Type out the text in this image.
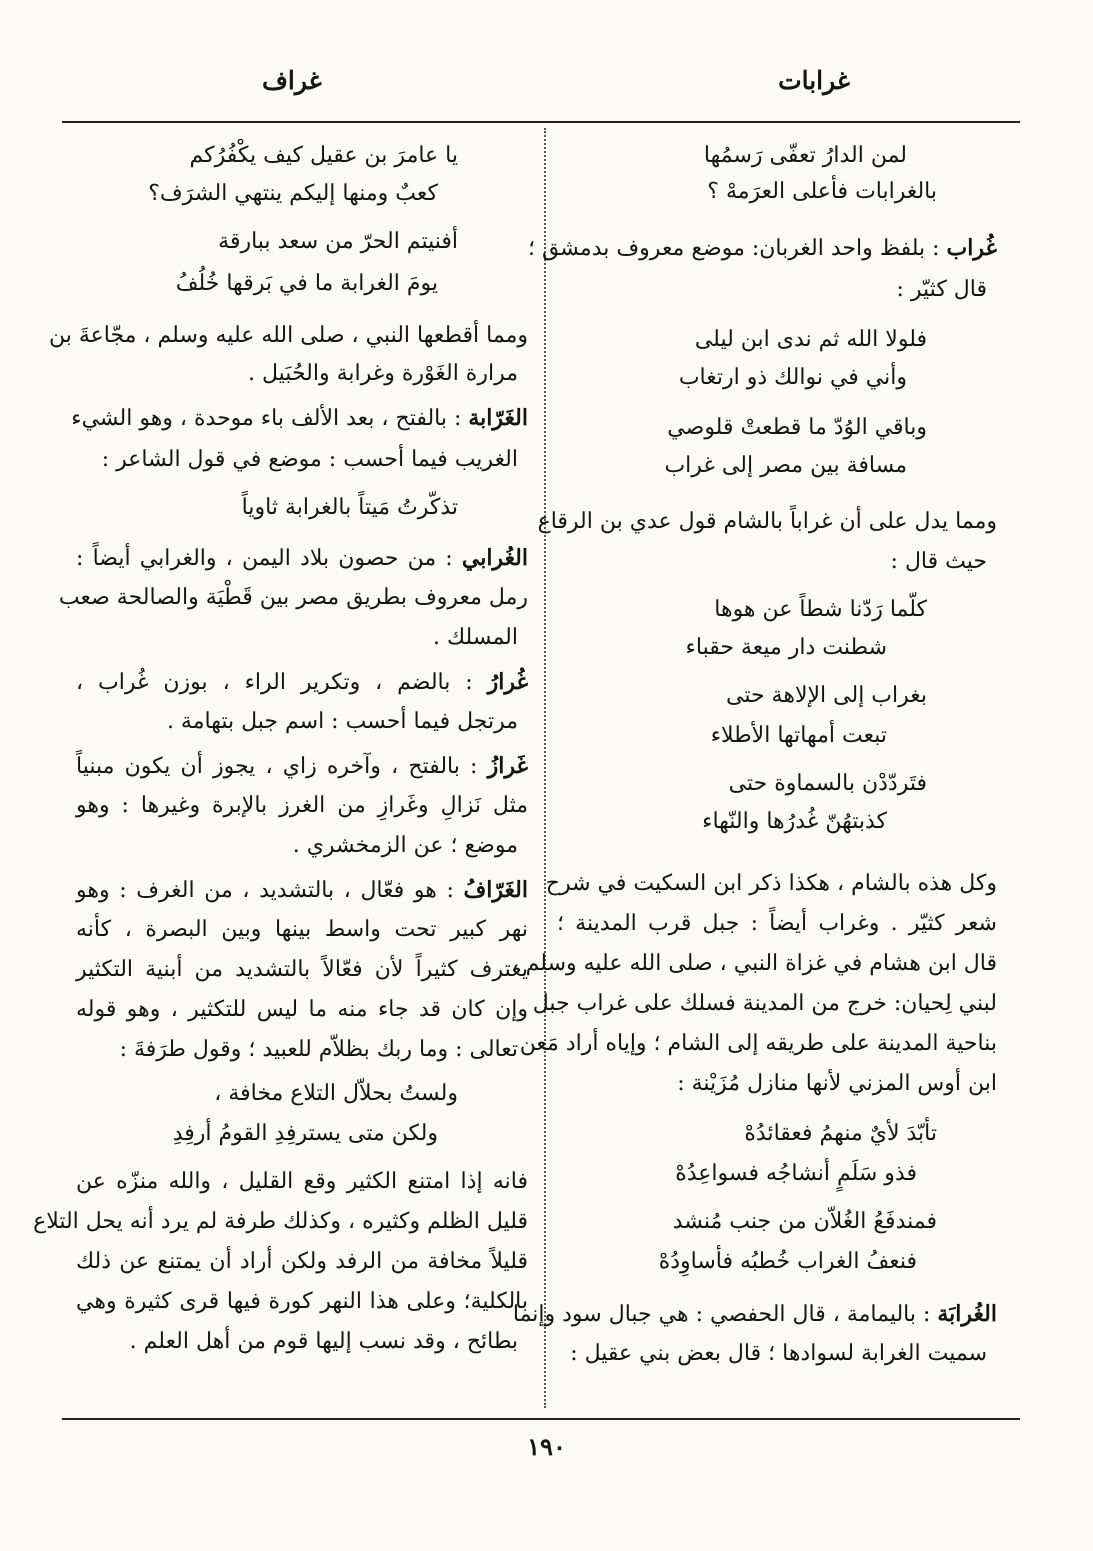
غرابات
غراف
لمن الدارُ تعفّى رَسمُها
بالغرابات فأعلى العرَمهْ ؟
غُراب : بلفظ واحد الغربان: موضع معروف بدمشق ؛
قال كثيّر :
فلولا الله ثم ندى ابن ليلى
وأني في نوالك ذو ارتغاب
وباقي الوُدّ ما قطعتْ قلوصي
مسافة بين مصر إلى غراب
ومما يدل على أن غراباً بالشام قول عدي بن الرقاع
حيث قال :
كلّما رَدّنا شطاً عن هوها
شطنت دار ميعة حقباء
بغراب إلى الإلاهة حتى
تبعت أمهاتها الأطلاء
فتَردّدْن بالسماوة حتى
كذبتهُنّ غُدرُها والنّهاء
وكل هذه بالشام ، هكذا ذكر ابن السكيت في شرح
شعر كثيّر . وغراب أيضاً : جبل قرب المدينة ؛
قال ابن هشام في غزاة النبي ، صلى الله عليه وسلم ،
لبني لِحيان: خرج من المدينة فسلك على غراب جبل
بناحية المدينة على طريقه إلى الشام ؛ وإياه أراد مَعن
ابن أوس المزني لأنها منازل مُزَيْنة :
تأبّدَ لأيٌ منهمُ فعقائدُهْ
فذو سَلَمٍ أنشاجُه فسواعِدُهْ
فمندفَعُ الغُلاّن من جنب مُنشد
فنعفُ الغراب خُطبُه فأساوِدُهْ
الغُرابَة : باليمامة ، قال الحفصي : هي جبال سود وإنما
سميت الغرابة لسوادها ؛ قال بعض بني عقيل :
يا عامرَ بن عقيل كيف يكْفُرُكم
كعبٌ ومنها إليكم ينتهي الشرَف؟
أفنيتم الحرّ من سعد ببارقة
يومَ الغرابة ما في بَرقها خُلُفُ
ومما أقطعها النبي ، صلى الله عليه وسلم ، مجّاعةَ بن
مرارة الغَوْرة وغرابة والحُبَيل .
الغَرّابة : بالفتح ، بعد الألف باء موحدة ، وهو الشيء
الغريب فيما أحسب : موضع في قول الشاعر :
تذكّرتُ مَيتاً بالغرابة ثاوياً
الغُرابي : من حصون بلاد اليمن ، والغرابي أيضاً :
رمل معروف بطريق مصر بين قَطْيَة والصالحة صعب
المسلك .
غُرارُ : بالضم ، وتكرير الراء ، بوزن غُراب ،
مرتجل فيما أحسب : اسم جبل بتهامة .
غَرازُ : بالفتح ، وآخره زاي ، يجوز أن يكون مبنياً
مثل نَزالِ وغَرازِ من الغرز بالإبرة وغيرها : وهو
موضع ؛ عن الزمخشري .
الغَرّافُ : هو فعّال ، بالتشديد ، من الغرف : وهو
نهر كبير تحت واسط بينها وبين البصرة ، كأنه
يغترف كثيراً لأن فعّالاً بالتشديد من أبنية التكثير
وإن كان قد جاء منه ما ليس للتكثير ، وهو قوله
تعالى : وما ربك بظلاّم للعبيد ؛ وقول طرَفةَ :
ولستُ بحلاّل التلاع مخافة ،
ولكن متى يسترفِدِ القومُ أرفِدِ
فانه إذا امتنع الكثير وقع القليل ، والله منزّه عن
قليل الظلم وكثيره ، وكذلك طرفة لم يرد أنه يحل التلاع
قليلاً مخافة من الرفد ولكن أراد أن يمتنع عن ذلك
بالكلية؛ وعلى هذا النهر كورة فيها قرى كثيرة وهي
بطائح ، وقد نسب إليها قوم من أهل العلم .
١٩٠
